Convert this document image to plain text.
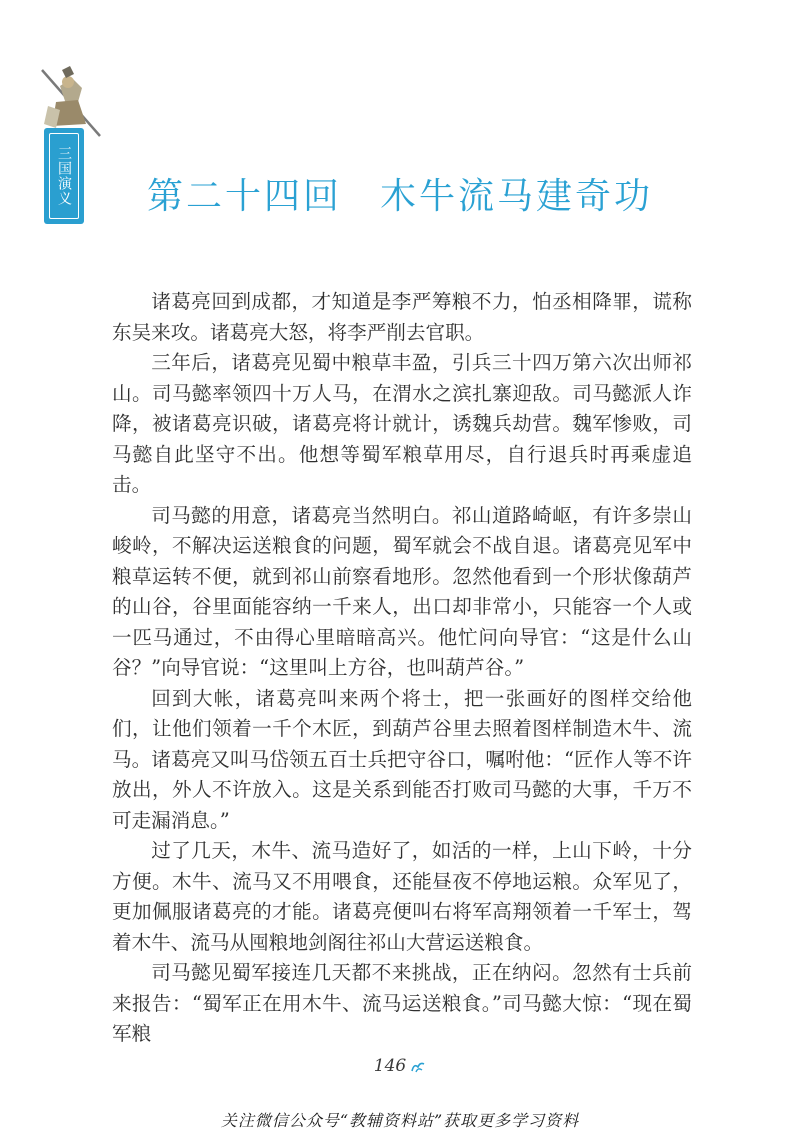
三国演义	第二十四回 木牛流马建奇功

诸葛亮回到成都，才知道是李严筹粮不力，怕丞相降罪，谎称东吴来攻。诸葛亮大怒，将李严削去官职。

三年后，诸葛亮见蜀中粮草丰盈，引兵三十四万第六次出师祁山。司马懿率领四十万人马，在渭水之滨扎寨迎敌。司马懿派人诈降，被诸葛亮识破，诸葛亮将计就计，诱魏兵劫营。魏军惨败，司马懿自此坚守不出。他想等蜀军粮草用尽，自行退兵时再乘虚追击。

司马懿的用意，诸葛亮当然明白。祁山道路崎岖，有许多崇山峻岭，不解决运送粮食的问题，蜀军就会不战自退。诸葛亮见军中粮草运转不便，就到祁山前察看地形。忽然他看到一个形状像葫芦的山谷，谷里面能容纳一千来人，出口却非常小，只能容一个人或一匹马通过，不由得心里暗暗高兴。他忙问向导官：“这是什么山谷？”向导官说：“这里叫上方谷，也叫葫芦谷。”

回到大帐，诸葛亮叫来两个将士，把一张画好的图样交给他们，让他们领着一千个木匠，到葫芦谷里去照着图样制造木牛、流马。诸葛亮又叫马岱领五百士兵把守谷口，嘱咐他：“匠作人等不许放出，外人不许放入。这是关系到能否打败司马懿的大事，千万不可走漏消息。”

过了几天，木牛、流马造好了，如活的一样，上山下岭，十分方便。木牛、流马又不用喂食，还能昼夜不停地运粮。众军见了，更加佩服诸葛亮的才能。诸葛亮便叫右将军高翔领着一千军士，驾着木牛、流马从囤粮地剑阁往祁山大营运送粮食。

司马懿见蜀军接连几天都不来挑战，正在纳闷。忽然有士兵前来报告：“蜀军正在用木牛、流马运送粮食。”司马懿大惊：“现在蜀军粮

146
关注微信公众号“教辅资料站”获取更多学习资料
